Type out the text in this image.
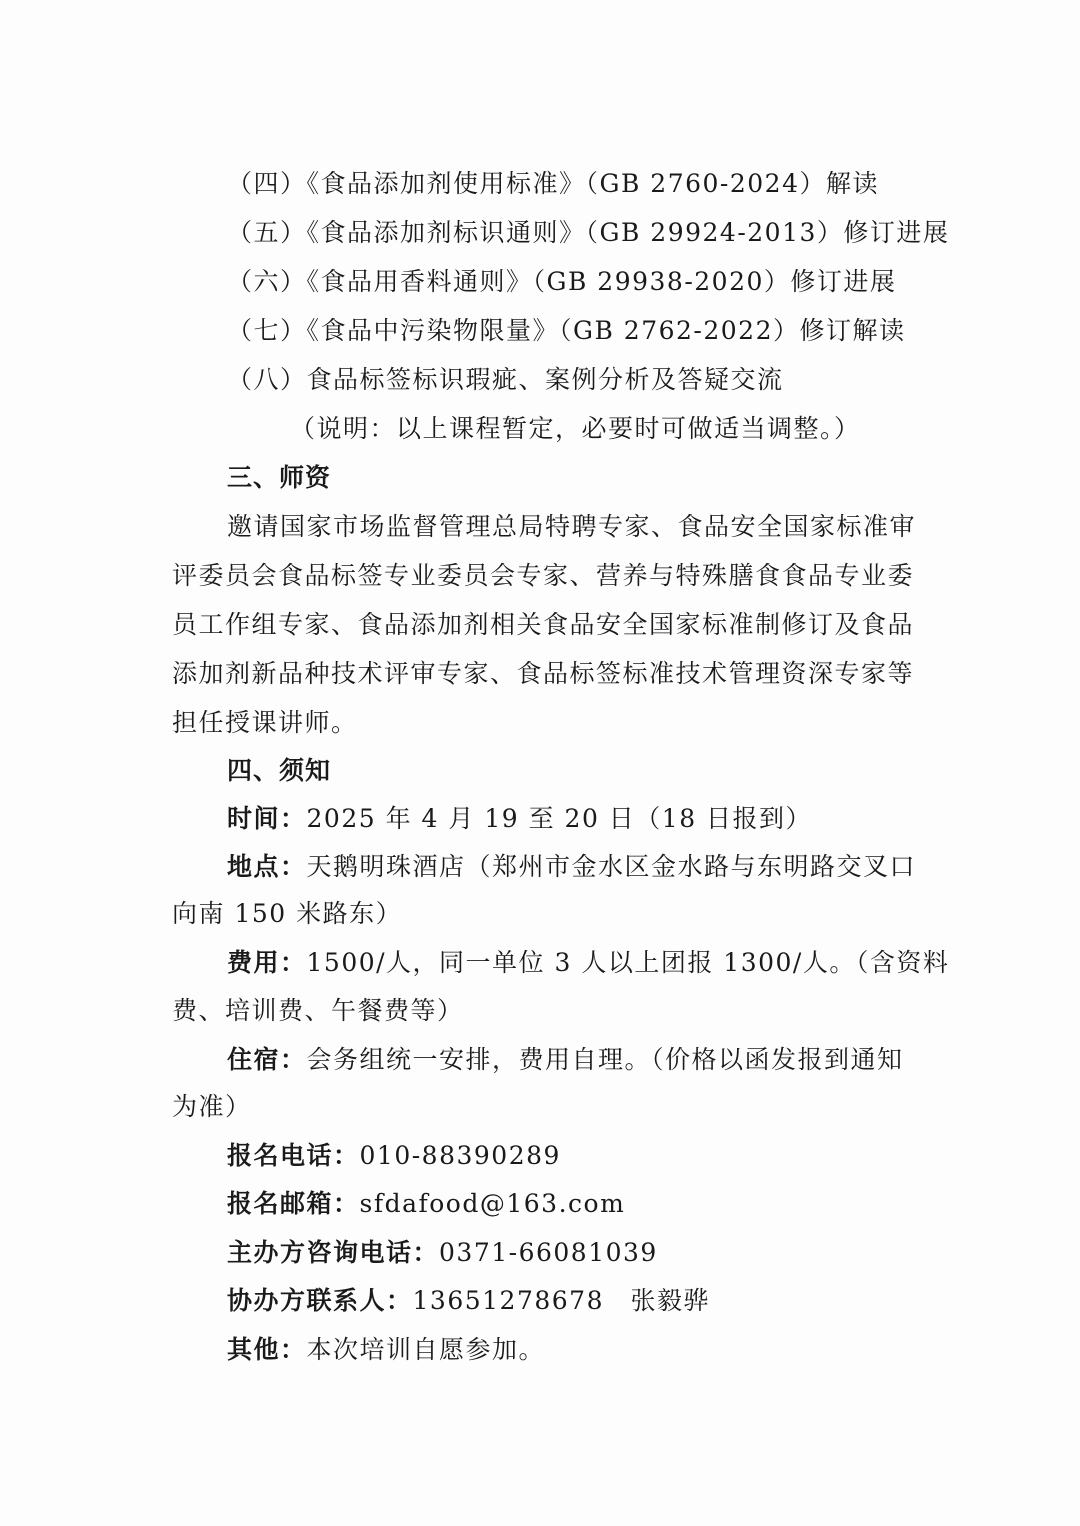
（四）《食品添加剂使用标准》（GB 2760-2024）解读
（五）《食品添加剂标识通则》（GB 29924-2013）修订进展
（六）《食品用香料通则》（GB 29938-2020）修订进展
（七）《食品中污染物限量》（GB 2762-2022）修订解读
（八）食品标签标识瑕疵、案例分析及答疑交流
（说明：以上课程暂定，必要时可做适当调整。）
三、师资
邀请国家市场监督管理总局特聘专家、食品安全国家标准审
评委员会食品标签专业委员会专家、营养与特殊膳食食品专业委
员工作组专家、食品添加剂相关食品安全国家标准制修订及食品
添加剂新品种技术评审专家、食品标签标准技术管理资深专家等
担任授课讲师。
四、须知
时间：2025 年 4 月 19 至 20 日（18 日报到）
地点：天鹅明珠酒店（郑州市金水区金水路与东明路交叉口
向南 150 米路东）
费用：1500/人，同一单位 3 人以上团报 1300/人。（含资料
费、培训费、午餐费等）
住宿：会务组统一安排，费用自理。（价格以函发报到通知
为准）
报名电话：010-88390289
报名邮箱：sfdafood@163.com
主办方咨询电话：0371-66081039
协办方联系人：13651278678　张毅骅
其他：本次培训自愿参加。
